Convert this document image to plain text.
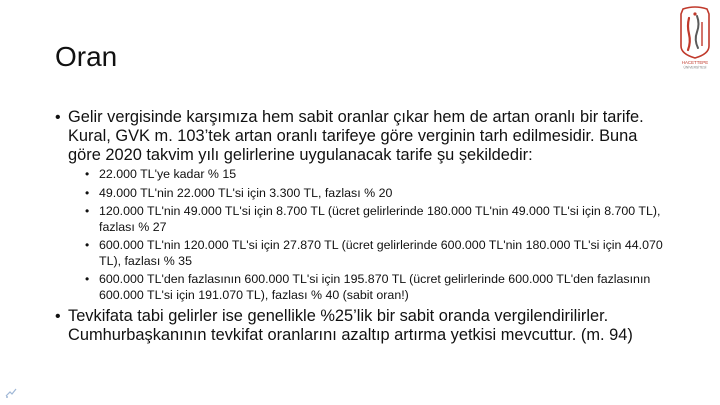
Oran	HACETTEPE
ÜNİVERSİTESİ
• Gelir vergisinde karşımıza hem sabit oranlar çıkar hem de artan oranlı bir tarife. Kural, GVK m. 103’tek artan oranlı tarifeye göre verginin tarh edilmesidir. Buna göre 2020 takvim yılı gelirlerine uygulanacak tarife şu şekildedir:
• 22.000 TL'ye kadar % 15
• 49.000 TL'nin 22.000 TL'si için 3.300 TL, fazlası % 20
• 120.000 TL'nin 49.000 TL'si için 8.700 TL (ücret gelirlerinde 180.000 TL'nin 49.000 TL'si için 8.700 TL), fazlası % 27
• 600.000 TL'nin 120.000 TL'si için 27.870 TL (ücret gelirlerinde 600.000 TL'nin 180.000 TL'si için 44.070 TL), fazlası % 35
• 600.000 TL'den fazlasının 600.000 TL'si için 195.870 TL (ücret gelirlerinde 600.000 TL'den fazlasının 600.000 TL'si için 191.070 TL), fazlası % 40 (sabit oran!)
• Tevkifata tabi gelirler ise genellikle %25’lik bir sabit oranda vergilendirilirler. Cumhurbaşkanının tevkifat oranlarını azaltıp artırma yetkisi mevcuttur. (m. 94)
